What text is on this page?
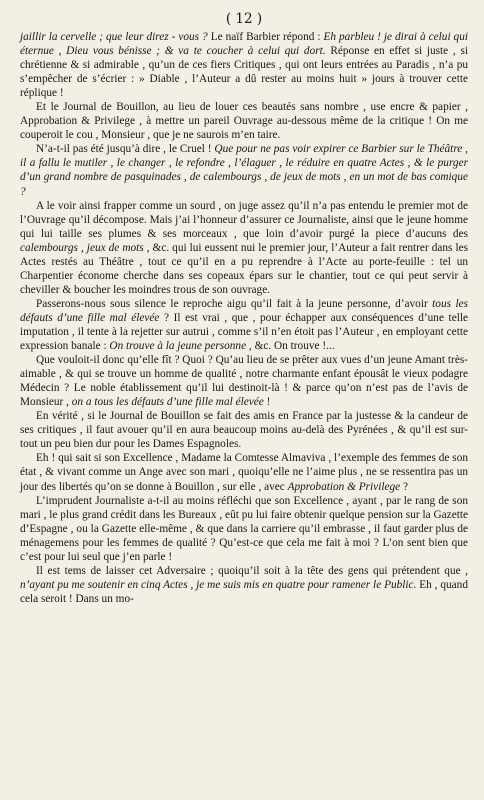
( 12 )

jaillir la cervelle ; que leur direz - vous ? Le naïf Barbier répond : Eh parbleu ! je dirai à celui qui éternue , Dieu vous bénisse ; & va te coucher à celui qui dort. Réponse en effet si juste , si chrétienne & si admirable , qu’un de ces fiers Critiques , qui ont leurs entrées au Paradis , n’a pu s’empêcher de s’écrier : » Diable , l’Auteur a dû rester au moins huit » jours à trouver cette réplique !

Et le Journal de Bouillon, au lieu de louer ces beautés sans nombre , use encre & papier , Approbation & Privilege , à mettre un pareil Ouvrage au-dessous même de la critique ! On me couperoit le cou , Monsieur , que je ne saurois m’en taire.

N’a-t-il pas été jusqu’à dire , le Cruel ! Que pour ne pas voir expirer ce Barbier sur le Théâtre , il a fallu le mutiler , le changer , le refondre , l’élaguer , le réduire en quatre Actes , & le purger d’un grand nombre de pasquinades , de calembourgs , de jeux de mots , en un mot de bas comique ?

A le voir ainsi frapper comme un sourd , on juge assez qu’il n’a pas entendu le premier mot de l’Ouvrage qu’il décompose. Mais j’ai l’honneur d’assurer ce Journaliste, ainsi que le jeune homme qui lui taille ses plumes & ses morceaux , que loin d’avoir purgé la piece d’aucuns des calembourgs , jeux de mots , &c. qui lui eussent nui le premier jour, l’Auteur a fait rentrer dans les Actes restés au Théâtre , tout ce qu’il en a pu reprendre à l’Acte au porte-feuille : tel un Charpentier économe cherche dans ses copeaux épars sur le chantier, tout ce qui peut servir à cheviller & boucher les moindres trous de son ouvrage.

Passerons-nous sous silence le reproche aigu qu’il fait à la jeune personne, d’avoir tous les défauts d’une fille mal élevée ? Il est vrai , que , pour échapper aux conséquences d’une telle imputation , il tente à la rejetter sur autrui , comme s’il n’en étoit pas l’Auteur , en employant cette expression banale : On trouve à la jeune personne , &c. On trouve !...

Que vouloit-il donc qu’elle fît ? Quoi ? Qu’au lieu de se prêter aux vues d’un jeune Amant très-aimable , & qui se trouve un homme de qualité , notre charmante enfant épousât le vieux podagre Médecin ? Le noble établissement qu’il lui destinoit-là ! & parce qu’on n’est pas de l’avis de Monsieur , on a tous les défauts d’une fille mal élevée !

En vérité , si le Journal de Bouillon se fait des amis en France par la justesse & la candeur de ses critiques , il faut avouer qu’il en aura beaucoup moins au-delà des Pyrénées , & qu’il est sur-tout un peu bien dur pour les Dames Espagnoles.

Eh ! qui sait si son Excellence , Madame la Comtesse Almaviva , l’exemple des femmes de son état , & vivant comme un Ange avec son mari , quoiqu’elle ne l’aime plus , ne se ressentira pas un jour des libertés qu’on se donne à Bouillon , sur elle , avec Approbation & Privilege ?

L’imprudent Journaliste a-t-il au moins réfléchi que son Excellence , ayant , par le rang de son mari , le plus grand crédit dans les Bureaux , eût pu lui faire obtenir quelque pension sur la Gazette d’Espagne , ou la Gazette elle-même , & que dans la carriere qu’il embrasse , il faut garder plus de ménagemens pour les femmes de qualité ? Qu’est-ce que cela me fait à moi ? L’on sent bien que c’est pour lui seul que j’en parle !

Il est tems de laisser cet Adversaire ; quoiqu’il soit à la tête des gens qui prétendent que , n’ayant pu me soutenir en cinq Actes , je me suis mis en quatre pour ramener le Public. Eh , quand cela seroit ! Dans un mo-
